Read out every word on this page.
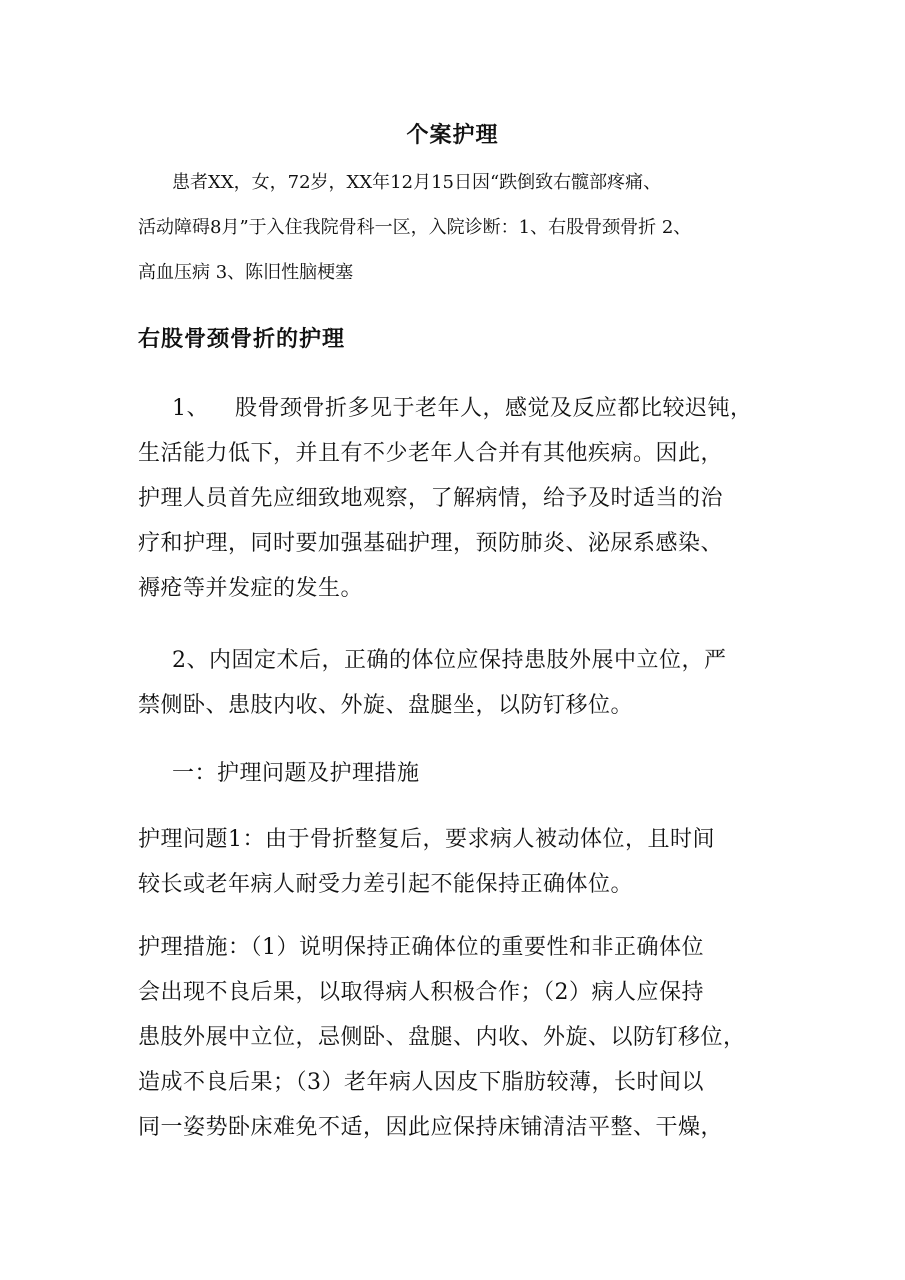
个案护理

患者XX，女，72岁，XX年12月15日因“跌倒致右髋部疼痛、

活动障碍8月”于入住我院骨科一区，入院诊断：1、右股骨颈骨折 2、

高血压病 3、陈旧性脑梗塞

右股骨颈骨折的护理

1、 股骨颈骨折多见于老年人，感觉及反应都比较迟钝，

生活能力低下，并且有不少老年人合并有其他疾病。因此，

护理人员首先应细致地观察，了解病情，给予及时适当的治

疗和护理，同时要加强基础护理，预防肺炎、泌尿系感染、

褥疮等并发症的发生。

2、内固定术后，正确的体位应保持患肢外展中立位，严

禁侧卧、患肢内收、外旋、盘腿坐，以防钉移位。

一：护理问题及护理措施

护理问题1：由于骨折整复后，要求病人被动体位，且时间

较长或老年病人耐受力差引起不能保持正确体位。

护理措施：（1）说明保持正确体位的重要性和非正确体位

会出现不良后果，以取得病人积极合作；（2）病人应保持

患肢外展中立位，忌侧卧、盘腿、内收、外旋、以防钉移位，

造成不良后果；（3）老年病人因皮下脂肪较薄，长时间以

同一姿势卧床难免不适，因此应保持床铺清洁平整、干燥，
